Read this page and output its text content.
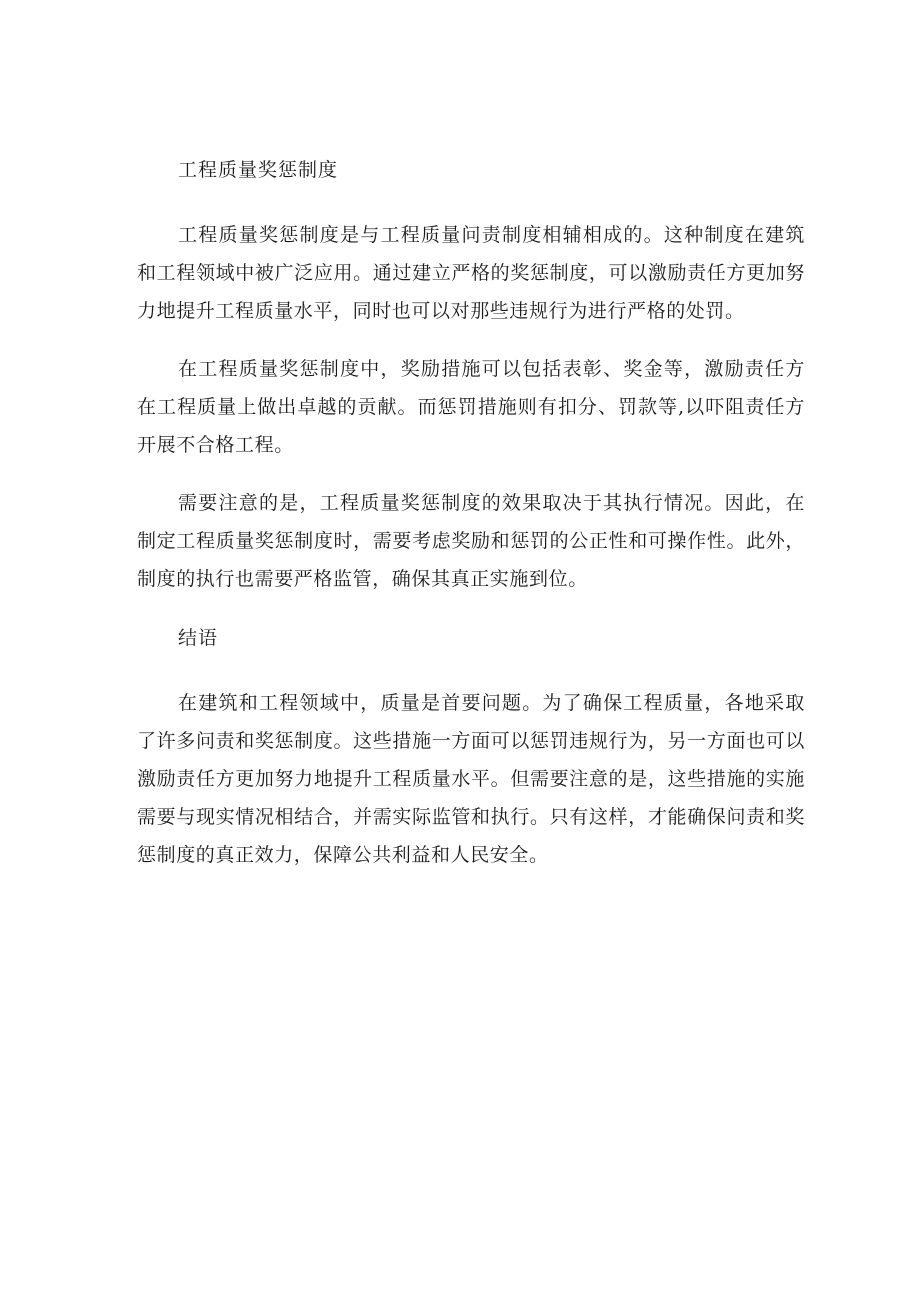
工程质量奖惩制度

工程质量奖惩制度是与工程质量问责制度相辅相成的。这种制度在建筑和工程领域中被广泛应用。通过建立严格的奖惩制度，可以激励责任方更加努力地提升工程质量水平，同时也可以对那些违规行为进行严格的处罚。

在工程质量奖惩制度中，奖励措施可以包括表彰、奖金等，激励责任方在工程质量上做出卓越的贡献。而惩罚措施则有扣分、罚款等,以吓阻责任方开展不合格工程。

需要注意的是，工程质量奖惩制度的效果取决于其执行情况。因此，在制定工程质量奖惩制度时，需要考虑奖励和惩罚的公正性和可操作性。此外，制度的执行也需要严格监管，确保其真正实施到位。

结语

在建筑和工程领域中，质量是首要问题。为了确保工程质量，各地采取了许多问责和奖惩制度。这些措施一方面可以惩罚违规行为，另一方面也可以激励责任方更加努力地提升工程质量水平。但需要注意的是，这些措施的实施需要与现实情况相结合，并需实际监管和执行。只有这样，才能确保问责和奖惩制度的真正效力，保障公共利益和人民安全。
